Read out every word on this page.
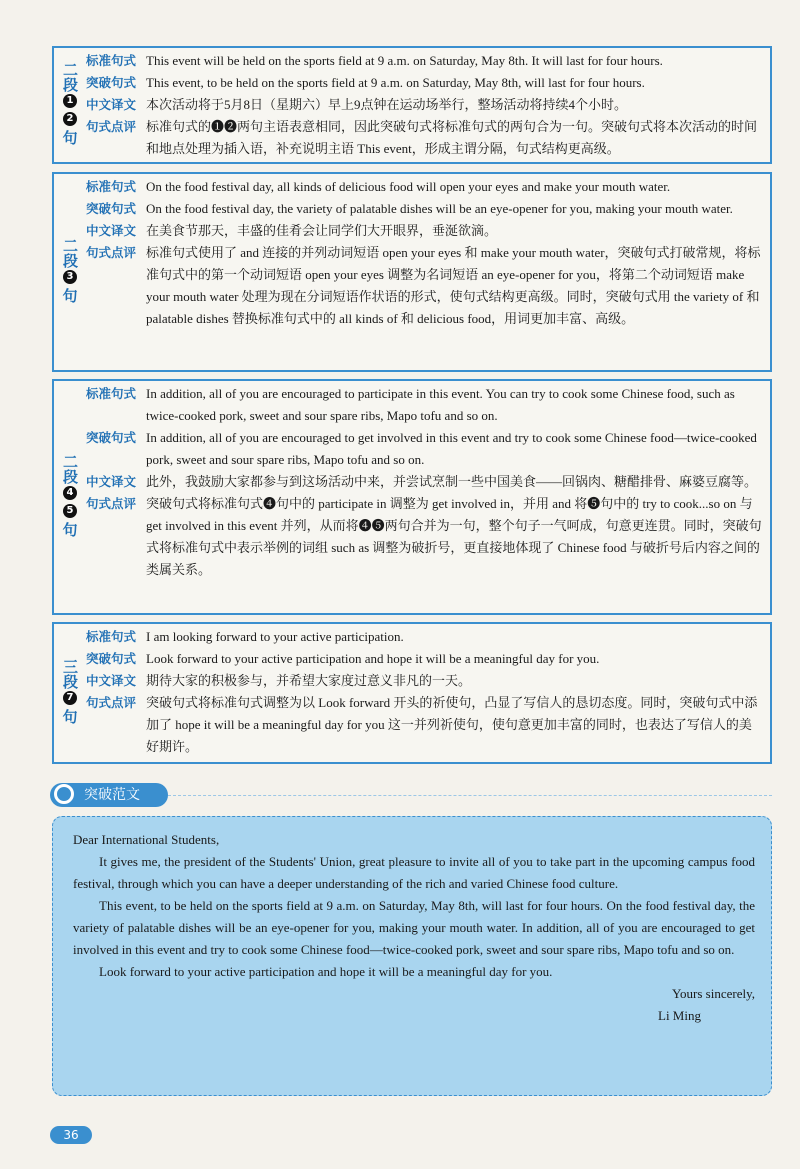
二段
1
2
句
标准句式 This event will be held on the sports field at 9 a.m. on Saturday, May 8th. It will last for four hours.
突破句式 This event, to be held on the sports field at 9 a.m. on Saturday, May 8th, will last for four hours.
中文译文 本次活动将于5月8日（星期六）早上9点钟在运动场举行，整场活动将持续4个小时。
句式点评 标准句式的❶❷两句主语表意相同，因此突破句式将标准句式的两句合为一句。突破句式将本次活动的时间和地点处理为插入语，补充说明主语 This event，形成主谓分隔，句式结构更高级。
二段
3
句
标准句式 On the food festival day, all kinds of delicious food will open your eyes and make your mouth water.
突破句式 On the food festival day, the variety of palatable dishes will be an eye-opener for you, making your mouth water.
中文译文 在美食节那天，丰盛的佳肴会让同学们大开眼界，垂涎欲滴。
句式点评 标准句式使用了 and 连接的并列动词短语 open your eyes 和 make your mouth water，突破句式打破常规，将标准句式中的第一个动词短语 open your eyes 调整为名词短语 an eye-opener for you，将第二个动词短语 make your mouth water 处理为现在分词短语作状语的形式，使句式结构更高级。同时，突破句式用 the variety of 和 palatable dishes 替换标准句式中的 all kinds of 和 delicious food，用词更加丰富、高级。
二段
4
5
句
标准句式 In addition, all of you are encouraged to participate in this event. You can try to cook some Chinese food, such as twice-cooked pork, sweet and sour spare ribs, Mapo tofu and so on.
突破句式 In addition, all of you are encouraged to get involved in this event and try to cook some Chinese food—twice-cooked pork, sweet and sour spare ribs, Mapo tofu and so on.
中文译文 此外，我鼓励大家都参与到这场活动中来，并尝试烹制一些中国美食——回锅肉、糖醋排骨、麻婆豆腐等。
句式点评 突破句式将标准句式❹句中的 participate in 调整为 get involved in，并用 and 将❺句中的 try to cook...so on 与 get involved in this event 并列，从而将❹❺两句合并为一句，整个句子一气呵成，句意更连贯。同时，突破句式将标准句式中表示举例的词组 such as 调整为破折号，更直接地体现了 Chinese food 与破折号后内容之间的类属关系。
三段
7
句
标准句式 I am looking forward to your active participation.
突破句式 Look forward to your active participation and hope it will be a meaningful day for you.
中文译文 期待大家的积极参与，并希望大家度过意义非凡的一天。
句式点评 突破句式将标准句式调整为以 Look forward 开头的祈使句，凸显了写信人的恳切态度。同时，突破句式中添加了 hope it will be a meaningful day for you 这一并列祈使句，使句意更加丰富的同时，也表达了写信人的美好期许。
突破范文

Dear International Students,

It gives me, the president of the Students' Union, great pleasure to invite all of you to take part in the upcoming campus food festival, through which you can have a deeper understanding of the rich and varied Chinese food culture.

This event, to be held on the sports field at 9 a.m. on Saturday, May 8th, will last for four hours. On the food festival day, the variety of palatable dishes will be an eye-opener for you, making your mouth water. In addition, all of you are encouraged to get involved in this event and try to cook some Chinese food—twice-cooked pork, sweet and sour spare ribs, Mapo tofu and so on.

Look forward to your active participation and hope it will be a meaningful day for you.

Yours sincerely,

Li Ming

36
